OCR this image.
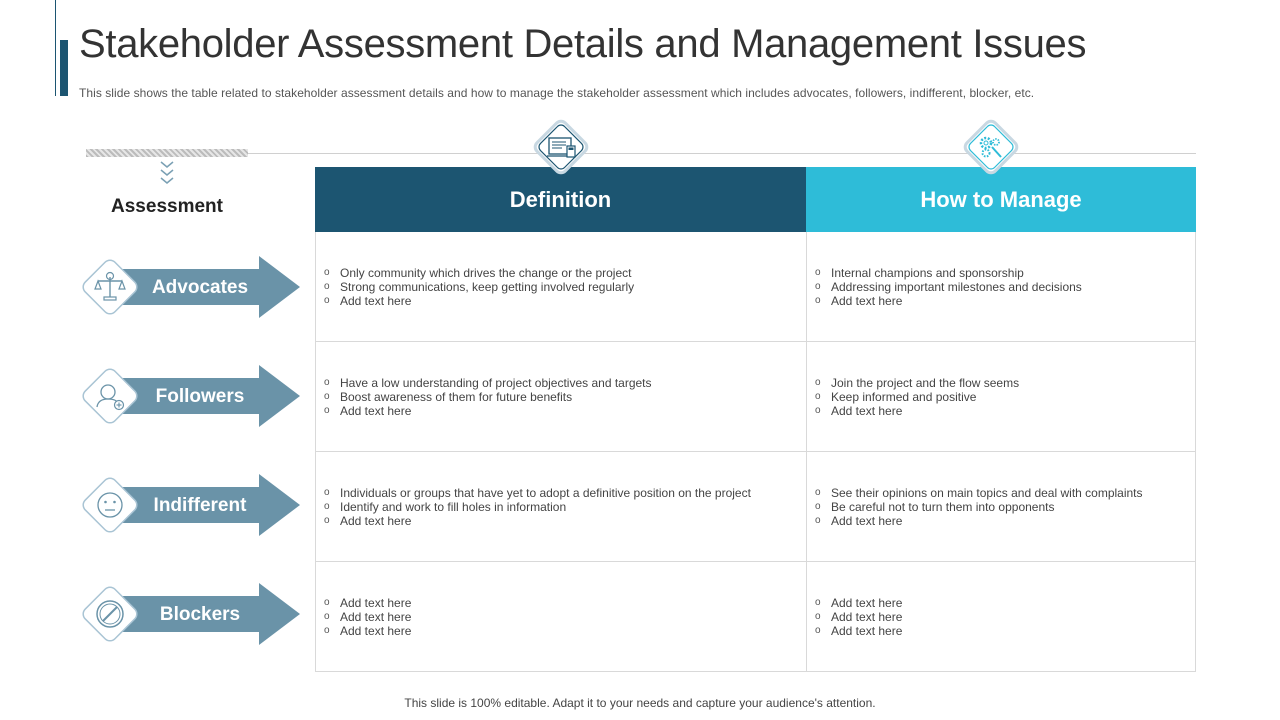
Stakeholder Assessment Details and Management Issues
This slide shows the table related to stakeholder assessment details and how to manage the stakeholder assessment which includes advocates, followers, indifferent, blocker, etc.
Assessment	Definition	How to Manage
o Only community which drives the change or the project
o Strong communications, keep getting involved regularly
o Add text here
o Internal champions and sponsorship
o Addressing important milestones and decisions
o Add text here
o Have a low understanding of project objectives and targets
o Boost awareness of them for future benefits
o Add text here
o Join the project and the flow seems
o Keep informed and positive
o Add text here
o Individuals or groups that have yet to adopt a definitive position on the project
o Identify and work to fill holes in information
o Add text here
o See their opinions on main topics and deal with complaints
o Be careful not to turn them into opponents
o Add text here
o Add text here
o Add text here
o Add text here
o Add text here
o Add text here
o Add text here
Advocates
Followers
Indifferent
Blockers
This slide is 100% editable. Adapt it to your needs and capture your audience's attention.
